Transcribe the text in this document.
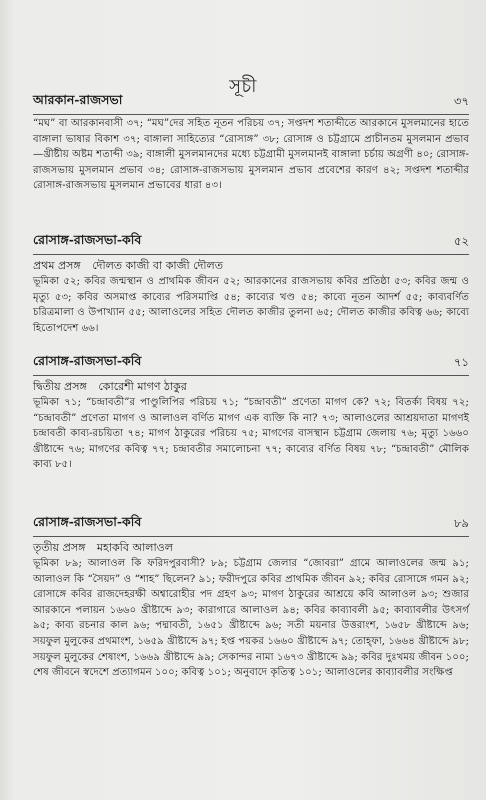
সূচী
আরকান-রাজসভা	৩৭

“মঘ” বা আরকানবাসী ৩৭; “মঘ”দের সহিত নূতন পরিচয় ৩৭; সপ্তদশ শতাব্দীতে আরকানে মুসলমানের হাতে বাঙ্গালা ভাষার বিকাশ ৩৭; বাঙ্গালা সাহিত্যের “রোসাঙ্গ” ৩৮; রোসাঙ্গ ও চট্টগ্রামে প্রাচীনতম মুসলমান প্রভাব—খ্রীষ্টীয় অষ্টম শতাব্দী ৩৯; বাঙ্গালী মুসলমানদের মধ্যে চট্টগ্রামী মুসলমানই বাঙ্গালা চর্চায় অগ্রণী ৪০; রোসাঙ্গ-রাজসভায় মুসলমান প্রভাব ৩৪; রোসাঙ্গ-রাজসভায় মুসলমান প্রভাব প্রবেশের কারণ ৪২; সপ্তদশ শতাব্দীর রোসাঙ্গ-রাজসভায় মুসলমান প্রভাবের ধারা ৪৩।

রোসাঙ্গ-রাজসভা-কবি	৫২
প্রথম প্রসঙ্গ দৌলত কাজী বা কাজী দৌলত

ভূমিকা ৫২; কবির জন্মস্থান ও প্রাথমিক জীবন ৫২; আরকানের রাজসভায় কবির প্রতিষ্ঠা ৫৩; কবির জন্ম ও মৃত্যু ৫৩; কবির অসমাপ্ত কাব্যের পরিসমাপ্তি ৫৪; কাব্যের খণ্ড ৫৪; কাব্যে নূতন আদর্শ ৫৫; কাব্যবর্ণিত চরিত্রমালা ও উপাখ্যান ৫৫; আলাওলের সহিত দৌলত কাজীর তুলনা ৬৫; দৌলত কাজীর কবিত্ব ৬৬; কাব্যে হিতোপদেশ ৬৬।

রোসাঙ্গ-রাজসভা-কবি	৭১
দ্বিতীয় প্রসঙ্গ কোরেশী মাগণ ঠাকুর

ভূমিকা ৭১; “চন্দ্রাবতী”র পাণ্ডুলিপির পরিচয় ৭১; “চন্দ্রাবতী” প্রণেতা মাগণ কে? ৭২; বিতর্ক্য বিষয় ৭২; “চন্দ্রাবতী” প্রণেতা মাগণ ও আলাওল বর্ণিত মাগণ এক ব্যক্তি কি না? ৭৩; আলাওলের আশ্রয়দাতা মাগণই চন্দ্রাবতী কাব্য-রচয়িতা ৭৪; মাগণ ঠাকুরের পরিচয় ৭৫; মাগণের বাসস্থান চট্টগ্রাম জেলায় ৭৬; মৃত্যু ১৬৬০ খ্রীষ্টাব্দে ৭৬; মাগণের কবিত্ব ৭৭; চন্দ্রাবতীর সমালোচনা ৭৭; কাব্যের বর্ণিত বিষয় ৭৮; “চন্দ্রাবতী” মৌলিক কাব্য ৮৫।

রোসাঙ্গ-রাজসভা-কবি	৮৯
তৃতীয় প্রসঙ্গ মহাকবি আলাওল

ভূমিকা ৮৯; আলাওল কি ফরিদপুরবাসী? ৮৯; চট্টগ্রাম জেলার “জোবরা” গ্রামে আলাওলের জন্ম ৯১; আলাওল কি “সৈয়দ” ও “শাহ” ছিলেন? ৯১; ফরীদপুরে কবির প্রাথমিক জীবন ৯২; কবির রোসাঙ্গে গমন ৯২; রোসাঙ্গে কবির রাজদেহরক্ষী অশ্বারোহীর পদ গ্রহণ ৯৩; মাগণ ঠাকুরের আশ্রয়ে কবি আলাওল ৯৩; শুজার আরকানে পলায়ন ১৬৬০ খ্রীষ্টাব্দে ৯৩; কারাগারে আলাওল ৯৪; কবির কাব্যাবলী ৯৫; কাব্যাবলীর উৎসর্গ ৯৫; কাব্য রচনার কাল ৯৬; পদ্মাবতী, ১৬৫১ খ্রীষ্টাব্দে ৯৬; সতী ময়নার উত্তরাংশ, ১৬৫৮ খ্রীষ্টাব্দে ৯৬; সয়ফুল মুলুকের প্রথমাংশ, ১৬৫৯ খ্রীষ্টাব্দে ৯৭; হপ্ত পয়কর ১৬৬০ খ্রীষ্টাব্দে ৯৭; তোহ্‌ফা, ১৬৬৪ খ্রীষ্টাব্দে ৯৮; সয়ফুল মুলুকের শেষাংশ, ১৬৬৯ খ্রীষ্টাব্দে ৯৯; সেকান্দর নামা ১৬৭৩ খ্রীষ্টাব্দে ৯৯; কবির দুঃখময় জীবন ১০০; শেষ জীবনে স্বদেশে প্রত্যাগমন ১০০; কবিত্ব ১০১; অনুবাদে কৃতিত্ব ১০১; আলাওলের কাব্যাবলীর সংক্ষিপ্ত
